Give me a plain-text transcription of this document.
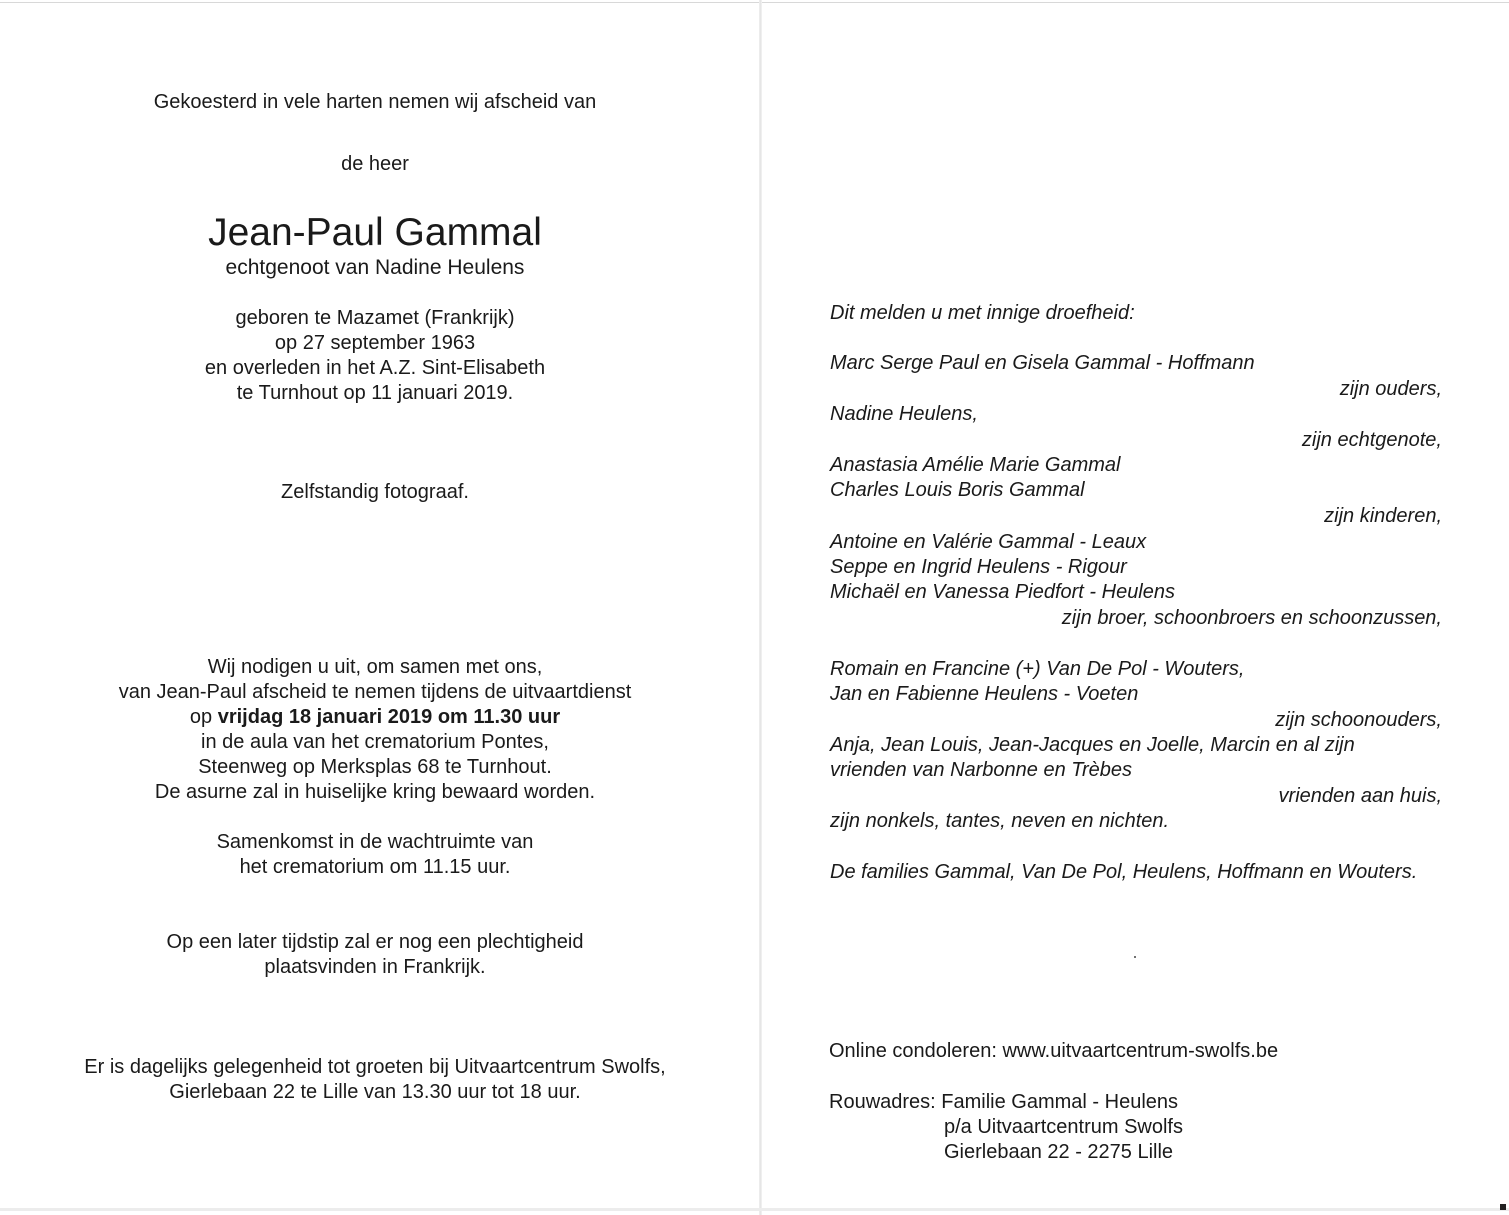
Gekoesterd in vele harten nemen wij afscheid van
de heer
Jean-Paul Gammal
echtgenoot van Nadine Heulens
geboren te Mazamet (Frankrijk)
op 27 september 1963
en overleden in het A.Z. Sint-Elisabeth
te Turnhout op 11 januari 2019.
Zelfstandig fotograaf.
Wij nodigen u uit, om samen met ons,
van Jean-Paul afscheid te nemen tijdens de uitvaartdienst
op vrijdag 18 januari 2019 om 11.30 uur
in de aula van het crematorium Pontes,
Steenweg op Merksplas 68 te Turnhout.
De asurne zal in huiselijke kring bewaard worden.
Samenkomst in de wachtruimte van
het crematorium om 11.15 uur.
Op een later tijdstip zal er nog een plechtigheid
plaatsvinden in Frankrijk.
Er is dagelijks gelegenheid tot groeten bij Uitvaartcentrum Swolfs,
Gierlebaan 22 te Lille van 13.30 uur tot 18 uur.
Dit melden u met innige droefheid:
Marc Serge Paul en Gisela Gammal - Hoffmann
zijn ouders,
Nadine Heulens,
zijn echtgenote,
Anastasia Amélie Marie Gammal
Charles Louis Boris Gammal
zijn kinderen,
Antoine en Valérie Gammal - Leaux
Seppe en Ingrid Heulens - Rigour
Michaël en Vanessa Piedfort - Heulens
zijn broer, schoonbroers en schoonzussen,
Romain en Francine (+) Van De Pol - Wouters,
Jan en Fabienne Heulens - Voeten
zijn schoonouders,
Anja, Jean Louis, Jean-Jacques en Joelle, Marcin en al zijn
vrienden van Narbonne en Trèbes
vrienden aan huis,
zijn nonkels, tantes, neven en nichten.
De families Gammal, Van De Pol, Heulens, Hoffmann en Wouters.
Online condoleren: www.uitvaartcentrum-swolfs.be
Rouwadres: Familie Gammal - Heulens
p/a Uitvaartcentrum Swolfs
Gierlebaan 22 - 2275 Lille
